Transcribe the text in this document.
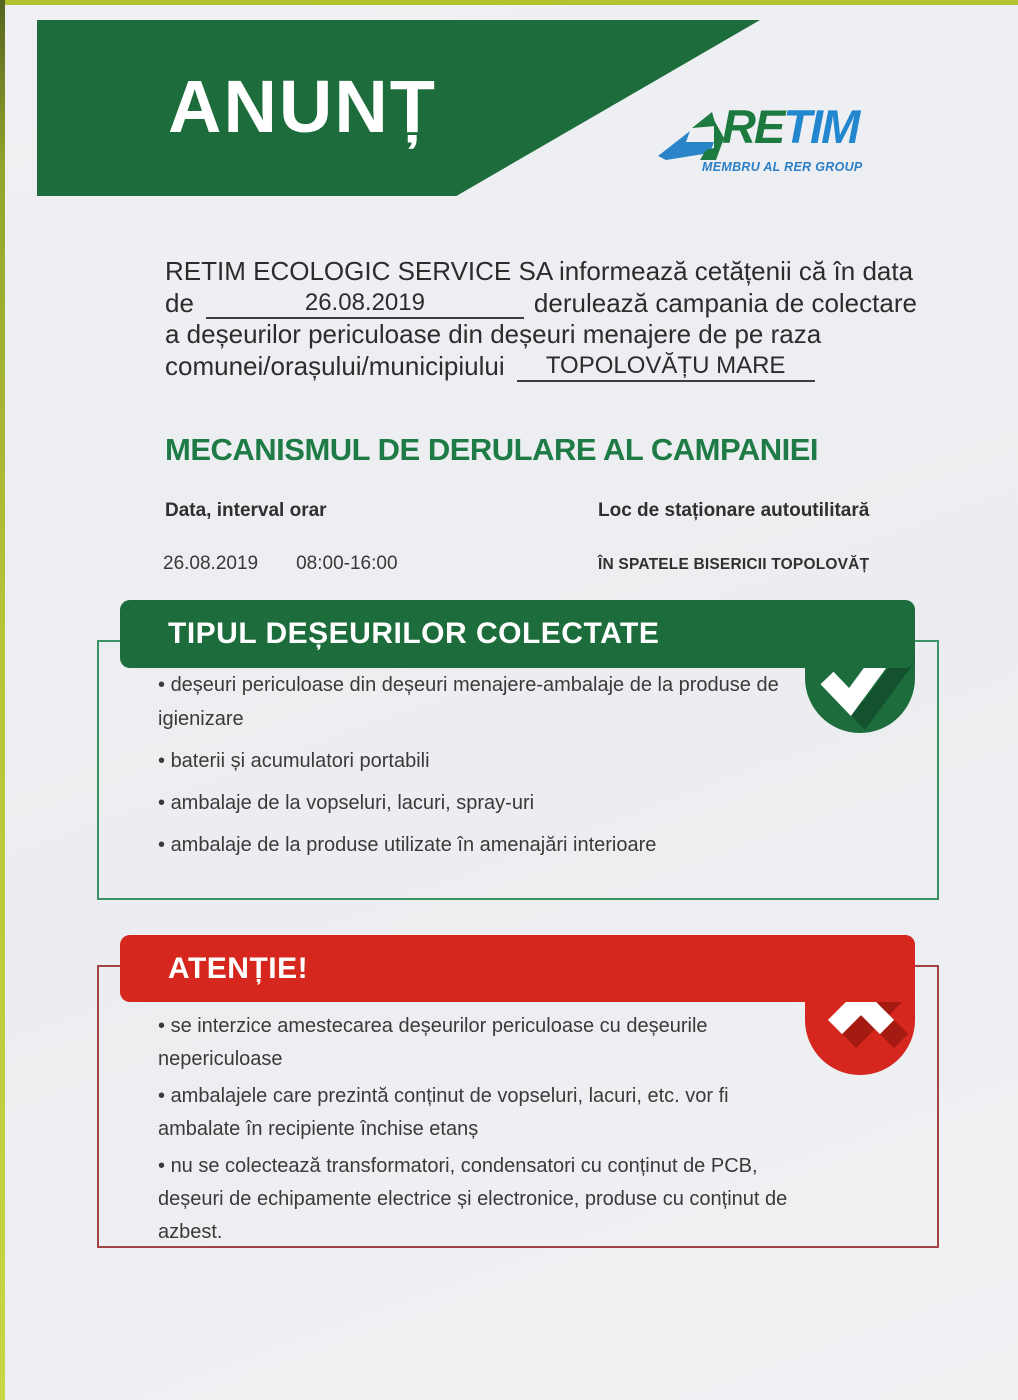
ANUNȚ	RETIM
MEMBRU AL RER GROUP
RETIM ECOLOGIC SERVICE SA informează cetățenii că în data
de	26.08.2019	derulează campania de colectare
a deșeurilor periculoase din deșeuri menajere de pe raza
comunei/orașului/municipiului TOPOLOVĂȚU MARE
MECANISMUL DE DERULARE AL CAMPANIEI
Data, interval orar	Loc de staționare autoutilitară
26.08.2019 08:00-16:00	ÎN SPATELE BISERICII TOPOLOVĂȚ
TIPUL DEȘEURILOR COLECTATE

• deșeuri periculoase din deșeuri menajere-ambalaje de la produse de igienizare

• baterii și acumulatori portabili

• ambalaje de la vopseluri, lacuri, spray-uri

• ambalaje de la produse utilizate în amenajări interioare

ATENȚIE!

• se interzice amestecarea deșeurilor periculoase cu deșeurile nepericuloase

• ambalajele care prezintă conținut de vopseluri, lacuri, etc. vor fi ambalate în recipiente închise etanș

• nu se colectează transformatori, condensatori cu conținut de PCB, deșeuri de echipamente electrice și electronice, produse cu conținut de azbest.
